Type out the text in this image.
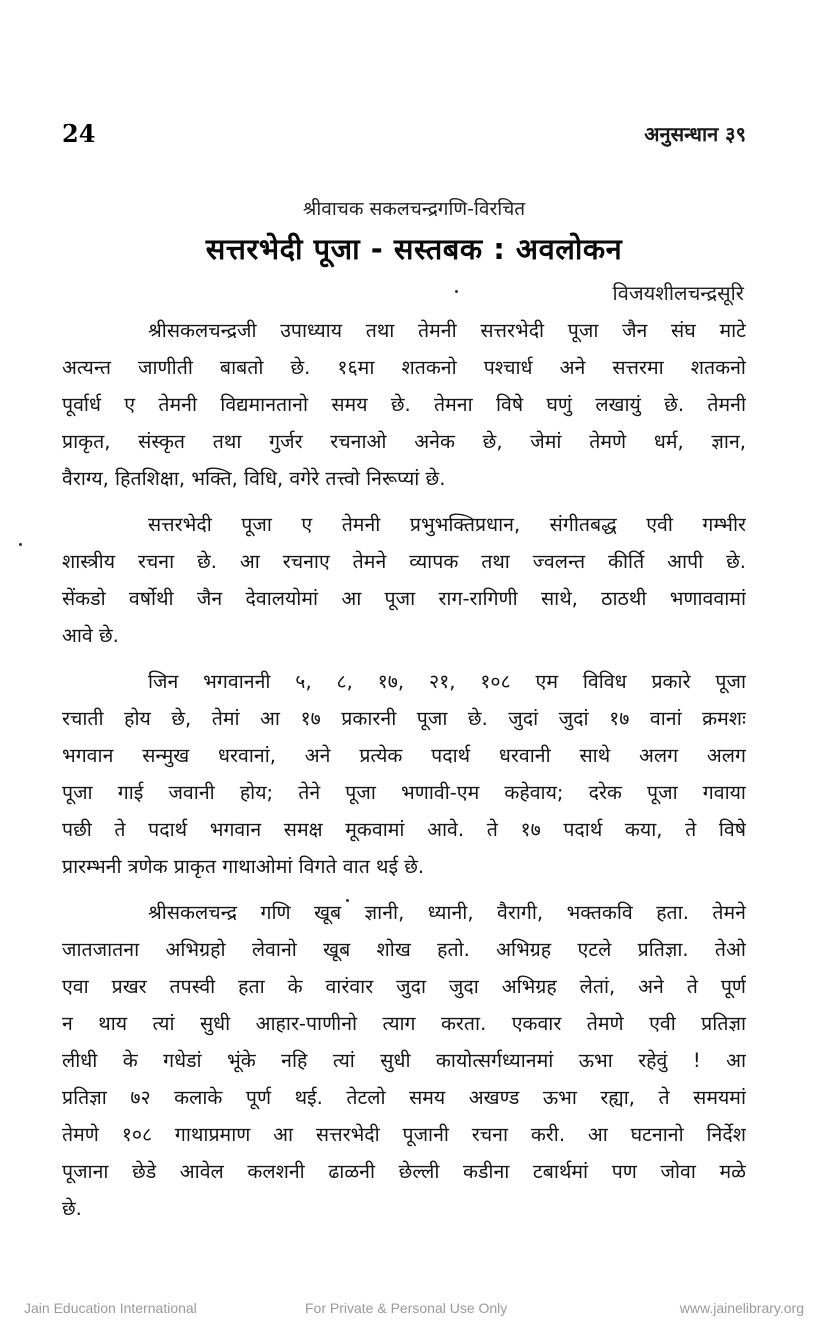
24	अनुसन्धान ३९
श्रीवाचक सकलचन्द्रगणि-विरचित
सत्तरभेदी पूजा - सस्तबक : अवलोकन
विजयशीलचन्द्रसूरि

श्रीसकलचन्द्रजी उपाध्याय तथा तेमनी सत्तरभेदी पूजा जैन संघ माटे
अत्यन्त जाणीती बाबतो छे. १६मा शतकनो पश्चार्ध अने सत्तरमा शतकनो
पूर्वार्ध ए तेमनी विद्यमानतानो समय छे. तेमना विषे घणुं लखायुं छे. तेमनी
प्राकृत, संस्कृत तथा गुर्जर रचनाओ अनेक छे, जेमां तेमणे धर्म, ज्ञान,
वैराग्य, हितशिक्षा, भक्ति, विधि, वगेरे तत्त्वो निरूप्यां छे.

सत्तरभेदी पूजा ए तेमनी प्रभुभक्तिप्रधान, संगीतबद्ध एवी गम्भीर
शास्त्रीय रचना छे. आ रचनाए तेमने व्यापक तथा ज्वलन्त कीर्ति आपी छे.
सेंकडो वर्षोथी जैन देवालयोमां आ पूजा राग-रागिणी साथे, ठाठथी भणाववामां
आवे छे.

जिन भगवाननी ५, ८, १७, २१, १०८ एम विविध प्रकारे पूजा
रचाती होय छे, तेमां आ १७ प्रकारनी पूजा छे. जुदां जुदां १७ वानां क्रमशः
भगवान सन्मुख धरवानां, अने प्रत्येक पदार्थ धरवानी साथे अलग अलग
पूजा गाई जवानी होय; तेने पूजा भणावी-एम कहेवाय; दरेक पूजा गवाया
पछी ते पदार्थ भगवान समक्ष मूकवामां आवे. ते १७ पदार्थ कया, ते विषे
प्रारम्भनी त्रणेक प्राकृत गाथाओमां विगते वात थई छे.

श्रीसकलचन्द्र गणि खूब ज्ञानी, ध्यानी, वैरागी, भक्तकवि हता. तेमने
जातजातना अभिग्रहो लेवानो खूब शोख हतो. अभिग्रह एटले प्रतिज्ञा. तेओ
एवा प्रखर तपस्वी हता के वारंवार जुदा जुदा अभिग्रह लेतां, अने ते पूर्ण
न थाय त्यां सुधी आहार-पाणीनो त्याग करता. एकवार तेमणे एवी प्रतिज्ञा
लीधी के गधेडां भूंके नहि त्यां सुधी कायोत्सर्गध्यानमां ऊभा रहेवुं ! आ
प्रतिज्ञा ७२ कलाके पूर्ण थई. तेटलो समय अखण्ड ऊभा रह्या, ते समयमां
तेमणे १०८ गाथाप्रमाण आ सत्तरभेदी पूजानी रचना करी. आ घटनानो निर्देश
पूजाना छेडे आवेल कलशनी ढाळनी छेल्ली कडीना टबार्थमां पण जोवा मळे
छे.

Jain Education International	For Private & Personal Use Only	www.jainelibrary.org
